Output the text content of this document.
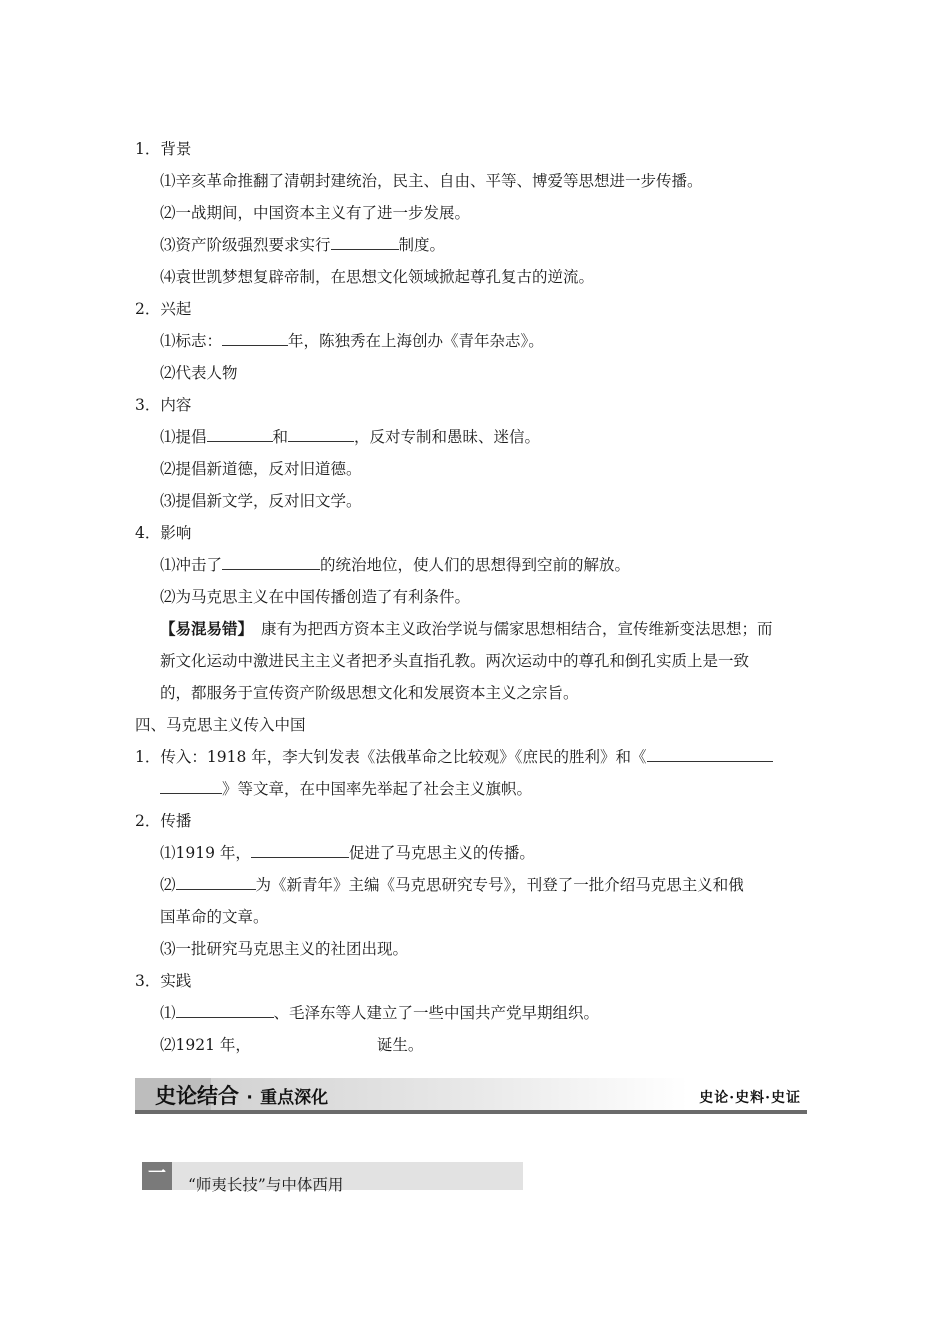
1．背景
⑴辛亥革命推翻了清朝封建统治，民主、自由、平等、博爱等思想进一步传播。
⑵一战期间，中国资本主义有了进一步发展。
⑶资产阶级强烈要求实行	制度。
⑷袁世凯梦想复辟帝制，在思想文化领域掀起尊孔复古的逆流。
2．兴起
⑴标志：	年，陈独秀在上海创办《青年杂志》。
⑵代表人物
3．内容
⑴提倡	和	，反对专制和愚昧、迷信。
⑵提倡新道德，反对旧道德。
⑶提倡新文学，反对旧文学。
4．影响
⑴冲击了	的统治地位，使人们的思想得到空前的解放。
⑵为马克思主义在中国传播创造了有利条件。
【易混易错】 康有为把西方资本主义政治学说与儒家思想相结合，宣传维新变法思想；而
新文化运动中激进民主主义者把矛头直指孔教。两次运动中的尊孔和倒孔实质上是一致
的，都服务于宣传资产阶级思想文化和发展资本主义之宗旨。
四、马克思主义传入中国
1．传入：1918 年，李大钊发表《法俄革命之比较观》《庶民的胜利》和《
》等文章，在中国率先举起了社会主义旗帜。
2．传播
⑴1919 年，	促进了马克思主义的传播。
⑵	为《新青年》主编《马克思研究专号》，刊登了一批介绍马克思主义和俄
国革命的文章。
⑶一批研究马克思主义的社团出现。
3．实践
⑴	、毛泽东等人建立了一些中国共产党早期组织。
⑵1921 年，	诞生。
史论结合 · 重点深化	史论·史料·史证
一
“师夷长技”与中体西用
